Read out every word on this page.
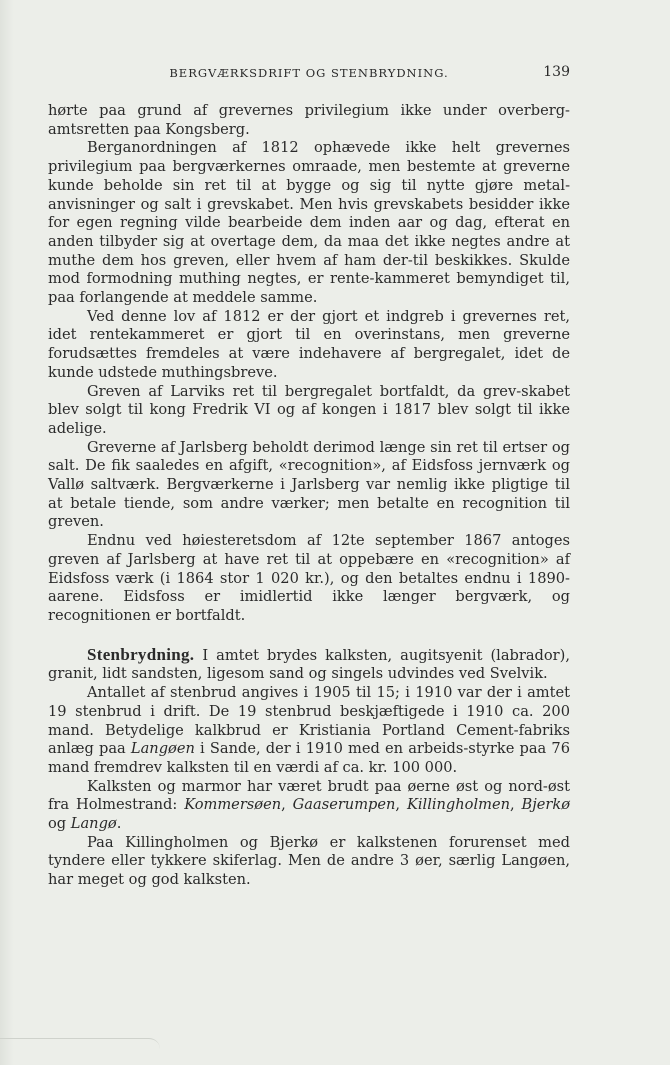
BERGVÆRKSDRIFT OG STENBRYDNING.	139

hørte paa grund af grevernes privilegium ikke under overberg-amtsretten paa Kongsberg.

Berganordningen af 1812 ophævede ikke helt grevernes privilegium paa bergværkernes omraade, men bestemte at greverne kunde beholde sin ret til at bygge og sig til nytte gjøre metal-anvisninger og salt i grevskabet. Men hvis grevskabets besidder ikke for egen regning vilde bearbeide dem inden aar og dag, efterat en anden tilbyder sig at overtage dem, da maa det ikke negtes andre at muthe dem hos greven, eller hvem af ham der-til beskikkes. Skulde mod formodning muthing negtes, er rente-kammeret bemyndiget til, paa forlangende at meddele samme.

Ved denne lov af 1812 er der gjort et indgreb i grevernes ret, idet rentekammeret er gjort til en overinstans, men greverne forudsættes fremdeles at være indehavere af bergregalet, idet de kunde udstede muthingsbreve.

Greven af Larviks ret til bergregalet bortfaldt, da grev-skabet blev solgt til kong Fredrik VI og af kongen i 1817 blev solgt til ikke adelige.

Greverne af Jarlsberg beholdt derimod længe sin ret til ertser og salt. De fik saaledes en afgift, «recognition», af Eidsfoss jernværk og Vallø saltværk. Bergværkerne i Jarlsberg var nemlig ikke pligtige til at betale tiende, som andre værker; men betalte en recognition til greven.

Endnu ved høiesteretsdom af 12te september 1867 antoges greven af Jarlsberg at have ret til at oppebære en «recognition» af Eidsfoss værk (i 1864 stor 1 020 kr.), og den betaltes endnu i 1890-aarene. Eidsfoss er imidlertid ikke længer bergværk, og recognitionen er bortfaldt.

Stenbrydning. I amtet brydes kalksten, augitsyenit (labrador), granit, lidt sandsten, ligesom sand og singels udvindes ved Svelvik.

Antallet af stenbrud angives i 1905 til 15; i 1910 var der i amtet 19 stenbrud i drift. De 19 stenbrud beskjæftigede i 1910 ca. 200 mand. Betydelige kalkbrud er Kristiania Portland Cement-fabriks anlæg paa Langøen i Sande, der i 1910 med en arbeids-styrke paa 76 mand fremdrev kalksten til en værdi af ca. kr. 100 000.

Kalksten og marmor har været brudt paa øerne øst og nord-øst fra Holmestrand: Kommersøen, Gaaserumpen, Killingholmen, Bjerkø og Langø.

Paa Killingholmen og Bjerkø er kalkstenen forurenset med tyndere eller tykkere skiferlag. Men de andre 3 øer, særlig Langøen, har meget og god kalksten.
